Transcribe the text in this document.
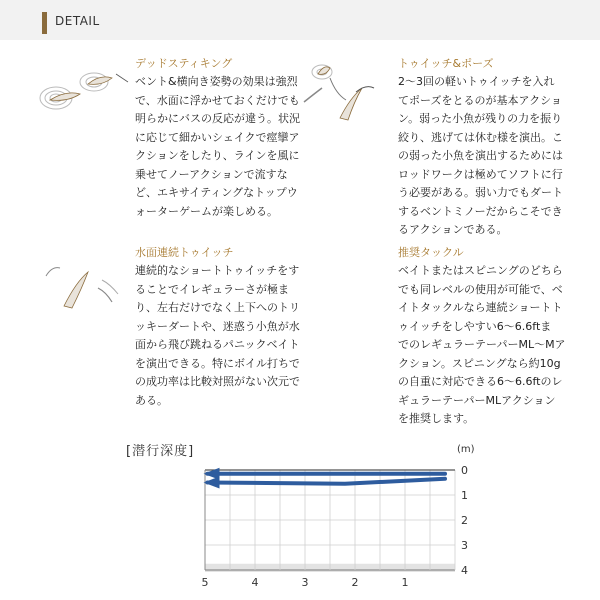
DETAIL
デッドスティキング
ベント&横向き姿勢の効果は強烈
で、水面に浮かせておくだけでも
明らかにバスの反応が違う。状況
に応じて細かいシェイクで痙攣ア
クションをしたり、ラインを風に
乗せてノーアクションで流すな
ど、エキサイティングなトップウ
ォーターゲームが楽しめる。
トゥイッチ&ポーズ
2～3回の軽いトゥイッチを入れ
てポーズをとるのが基本アクショ
ン。弱った小魚が残りの力を振り
絞り、逃げては休む様を演出。こ
の弱った小魚を演出するためには
ロッドワークは極めてソフトに行
う必要がある。弱い力でもダート
するベントミノーだからこそでき
るアクションである。
水面連続トゥイッチ
連続的なショートトゥイッチをす
ることでイレギュラーさが極ま
り、左右だけでなく上下へのトリ
ッキーダートや、迷惑う小魚が水
面から飛び跳ねるパニックベイト
を演出できる。特にボイル打ちで
の成功率は比較対照がない次元で
ある。
推奨タックル
ベイトまたはスピニングのどちら
でも同レベルの使用が可能で、ベ
イトタックルなら連続ショートト
ゥイッチをしやすい6～6.6ftま
でのレギュラーテーパーML～Mア
クション。スピニングなら約10g
の自重に対応できる6～6.6ftのレ
ギュラーテーパーMLアクション
を推奨します。
[潜行深度]	(m)
0
1
2
3
4
5	4	3	2	1
